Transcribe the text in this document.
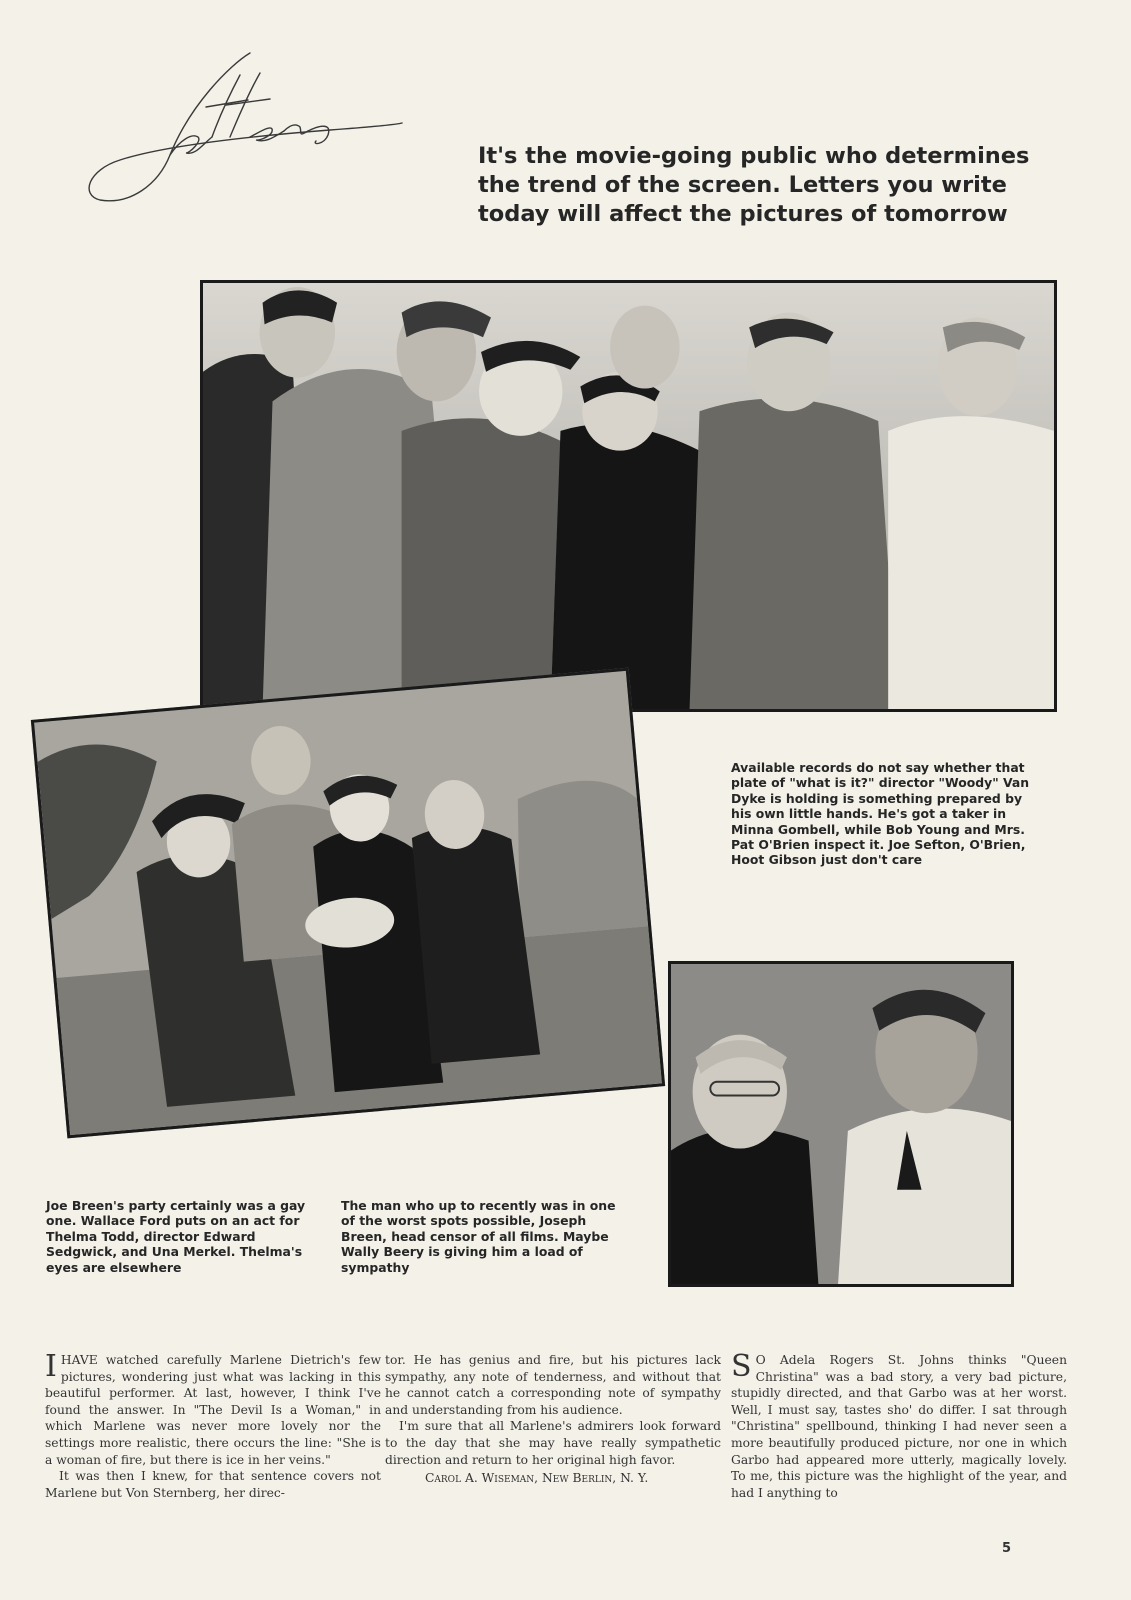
It's the movie-going public who determines the trend of the screen. Letters you write today will affect the pictures of tomorrow

Available records do not say whether that plate of "what is it?" director "Woody" Van Dyke is holding is something prepared by his own little hands. He's got a taker in Minna Gombell, while Bob Young and Mrs. Pat O'Brien inspect it. Joe Sefton, O'Brien, Hoot Gibson just don't care

Joe Breen's party certainly was a gay one. Wallace Ford puts on an act for Thelma Todd, director Edward Sedgwick, and Una Merkel. Thelma's eyes are elsewhere

The man who up to recently was in one of the worst spots possible, Joseph Breen, head censor of all films. Maybe Wally Beery is giving him a load of sympathy

IHAVE watched carefully Marlene Dietrich's few pictures, wondering just what was lacking in this beautiful performer. At last, however, I think I've found the answer. In "The Devil Is a Woman," in which Marlene was never more lovely nor the settings more realistic, there occurs the line: "She is a woman of fire, but there is ice in her veins."

It was then I knew, for that sentence covers not Marlene but Von Sternberg, her direc-

tor. He has genius and fire, but his pictures lack sympathy, any note of tenderness, and without that he cannot catch a corresponding note of sympathy and understanding from his audience.

I'm sure that all Marlene's admirers look forward to the day that she may have really sympathetic direction and return to her original high favor.

Carol A. Wiseman, New Berlin, N. Y.

S O Adela Rogers St. Johns thinks "Queen Christina" was a bad story, a very bad picture, stupidly directed, and that Garbo was at her worst. Well, I must say, tastes sho' do differ. I sat through "Christina" spellbound, thinking I had never seen a more beautifully produced picture, nor one in which Garbo had appeared more utterly, magically lovely. To me, this picture was the highlight of the year, and had I anything to

5
